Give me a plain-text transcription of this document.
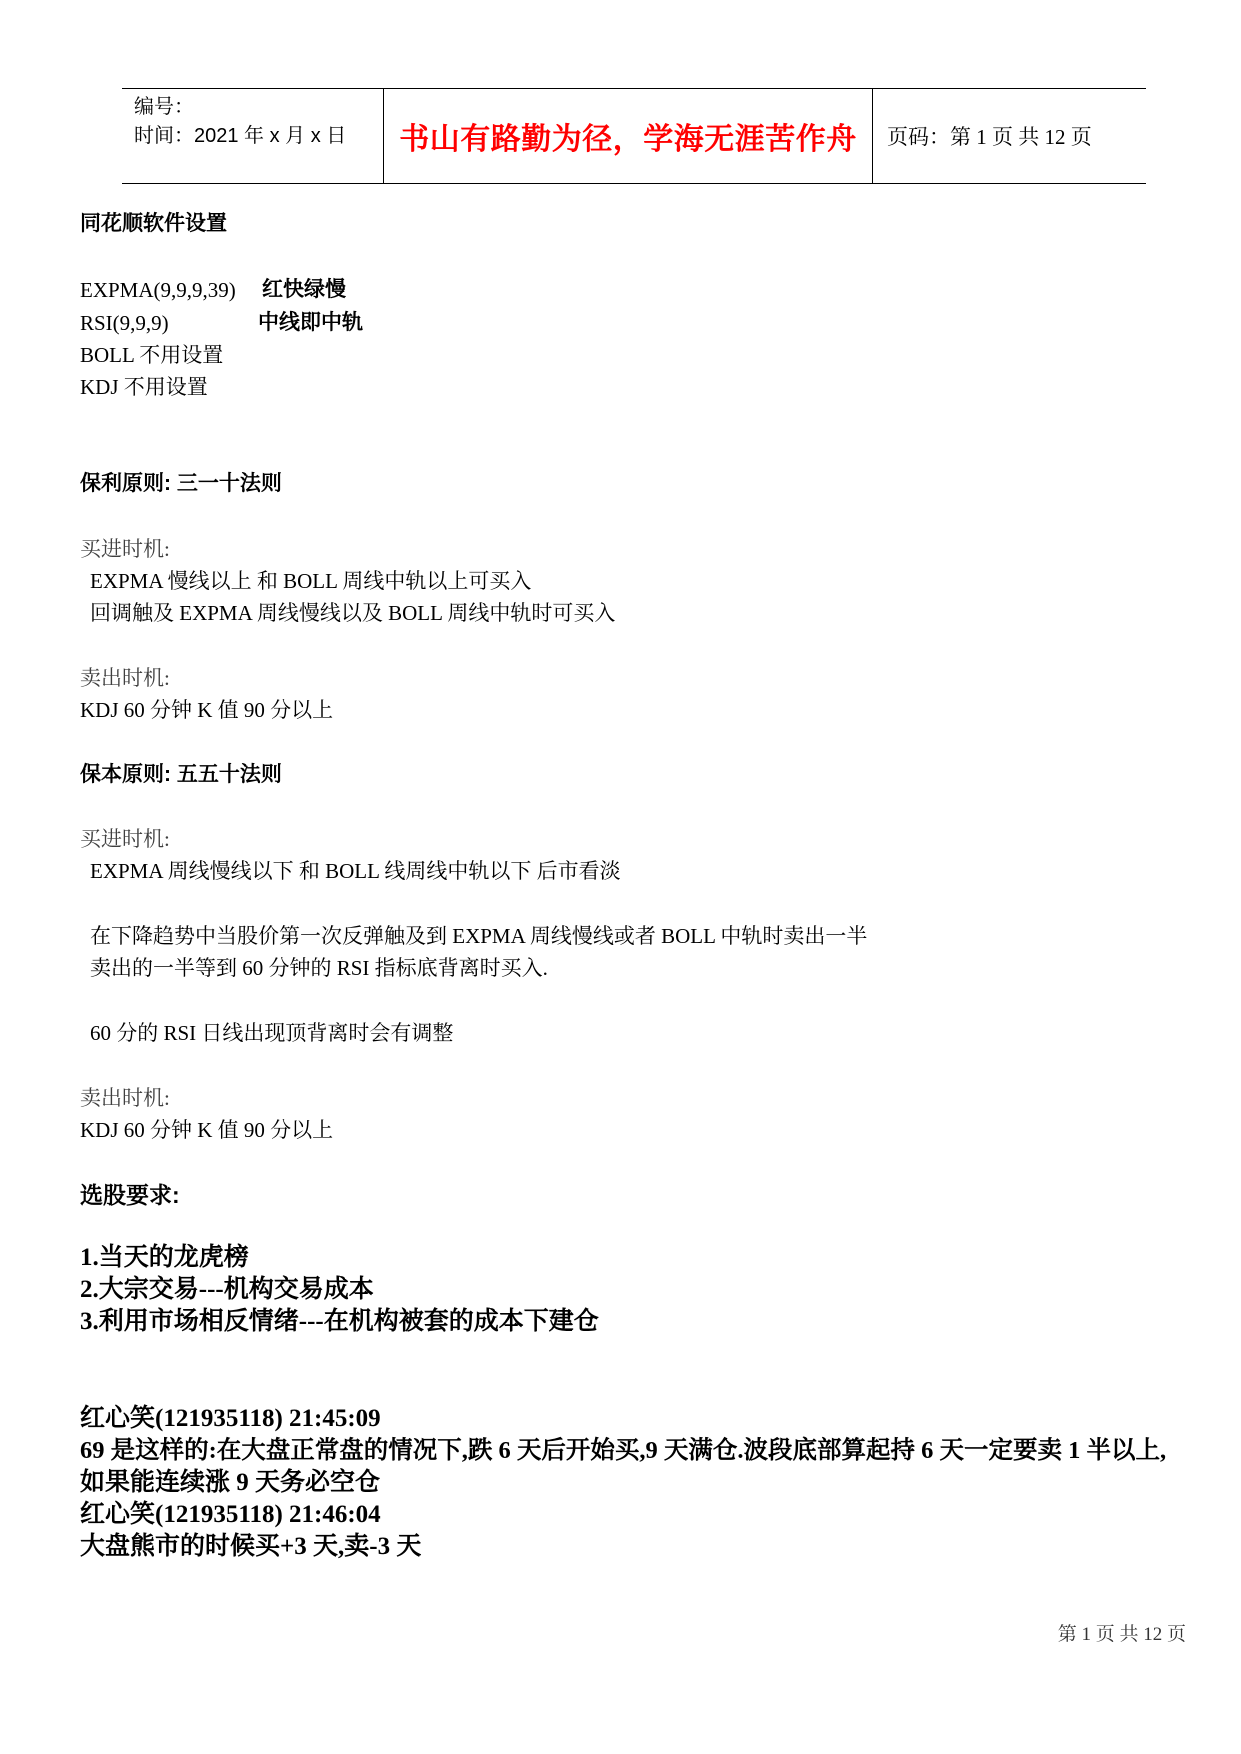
编号：
时间：2021 年 x 月 x 日	书山有路勤为径，学海无涯苦作舟	页码：第 1 页 共 12 页
同花顺软件设置
EXPMA(9,9,9,39) 红快绿慢
RSI(9,9,9)	中线即中轨
BOLL 不用设置
KDJ 不用设置
保利原则: 三一十法则
买进时机:
EXPMA 慢线以上 和 BOLL 周线中轨以上可买入
回调触及 EXPMA 周线慢线以及 BOLL 周线中轨时可买入
卖出时机:
KDJ 60 分钟 K 值 90 分以上
保本原则: 五五十法则
买进时机:
EXPMA 周线慢线以下 和 BOLL 线周线中轨以下 后市看淡
在下降趋势中当股价第一次反弹触及到 EXPMA 周线慢线或者 BOLL 中轨时卖出一半
卖出的一半等到 60 分钟的 RSI 指标底背离时买入.
60 分的 RSI 日线出现顶背离时会有调整
卖出时机:
KDJ 60 分钟 K 值 90 分以上
选股要求:
1.当天的龙虎榜
2.大宗交易---机构交易成本
3.利用市场相反情绪---在机构被套的成本下建仓
红心笑(121935118) 21:45:09
69 是这样的:在大盘正常盘的情况下,跌 6 天后开始买,9 天满仓.波段底部算起持 6 天一定要卖 1 半以上,
如果能连续涨 9 天务必空仓
红心笑(121935118) 21:46:04
大盘熊市的时候买+3 天,卖-3 天
第 1 页 共 12 页
